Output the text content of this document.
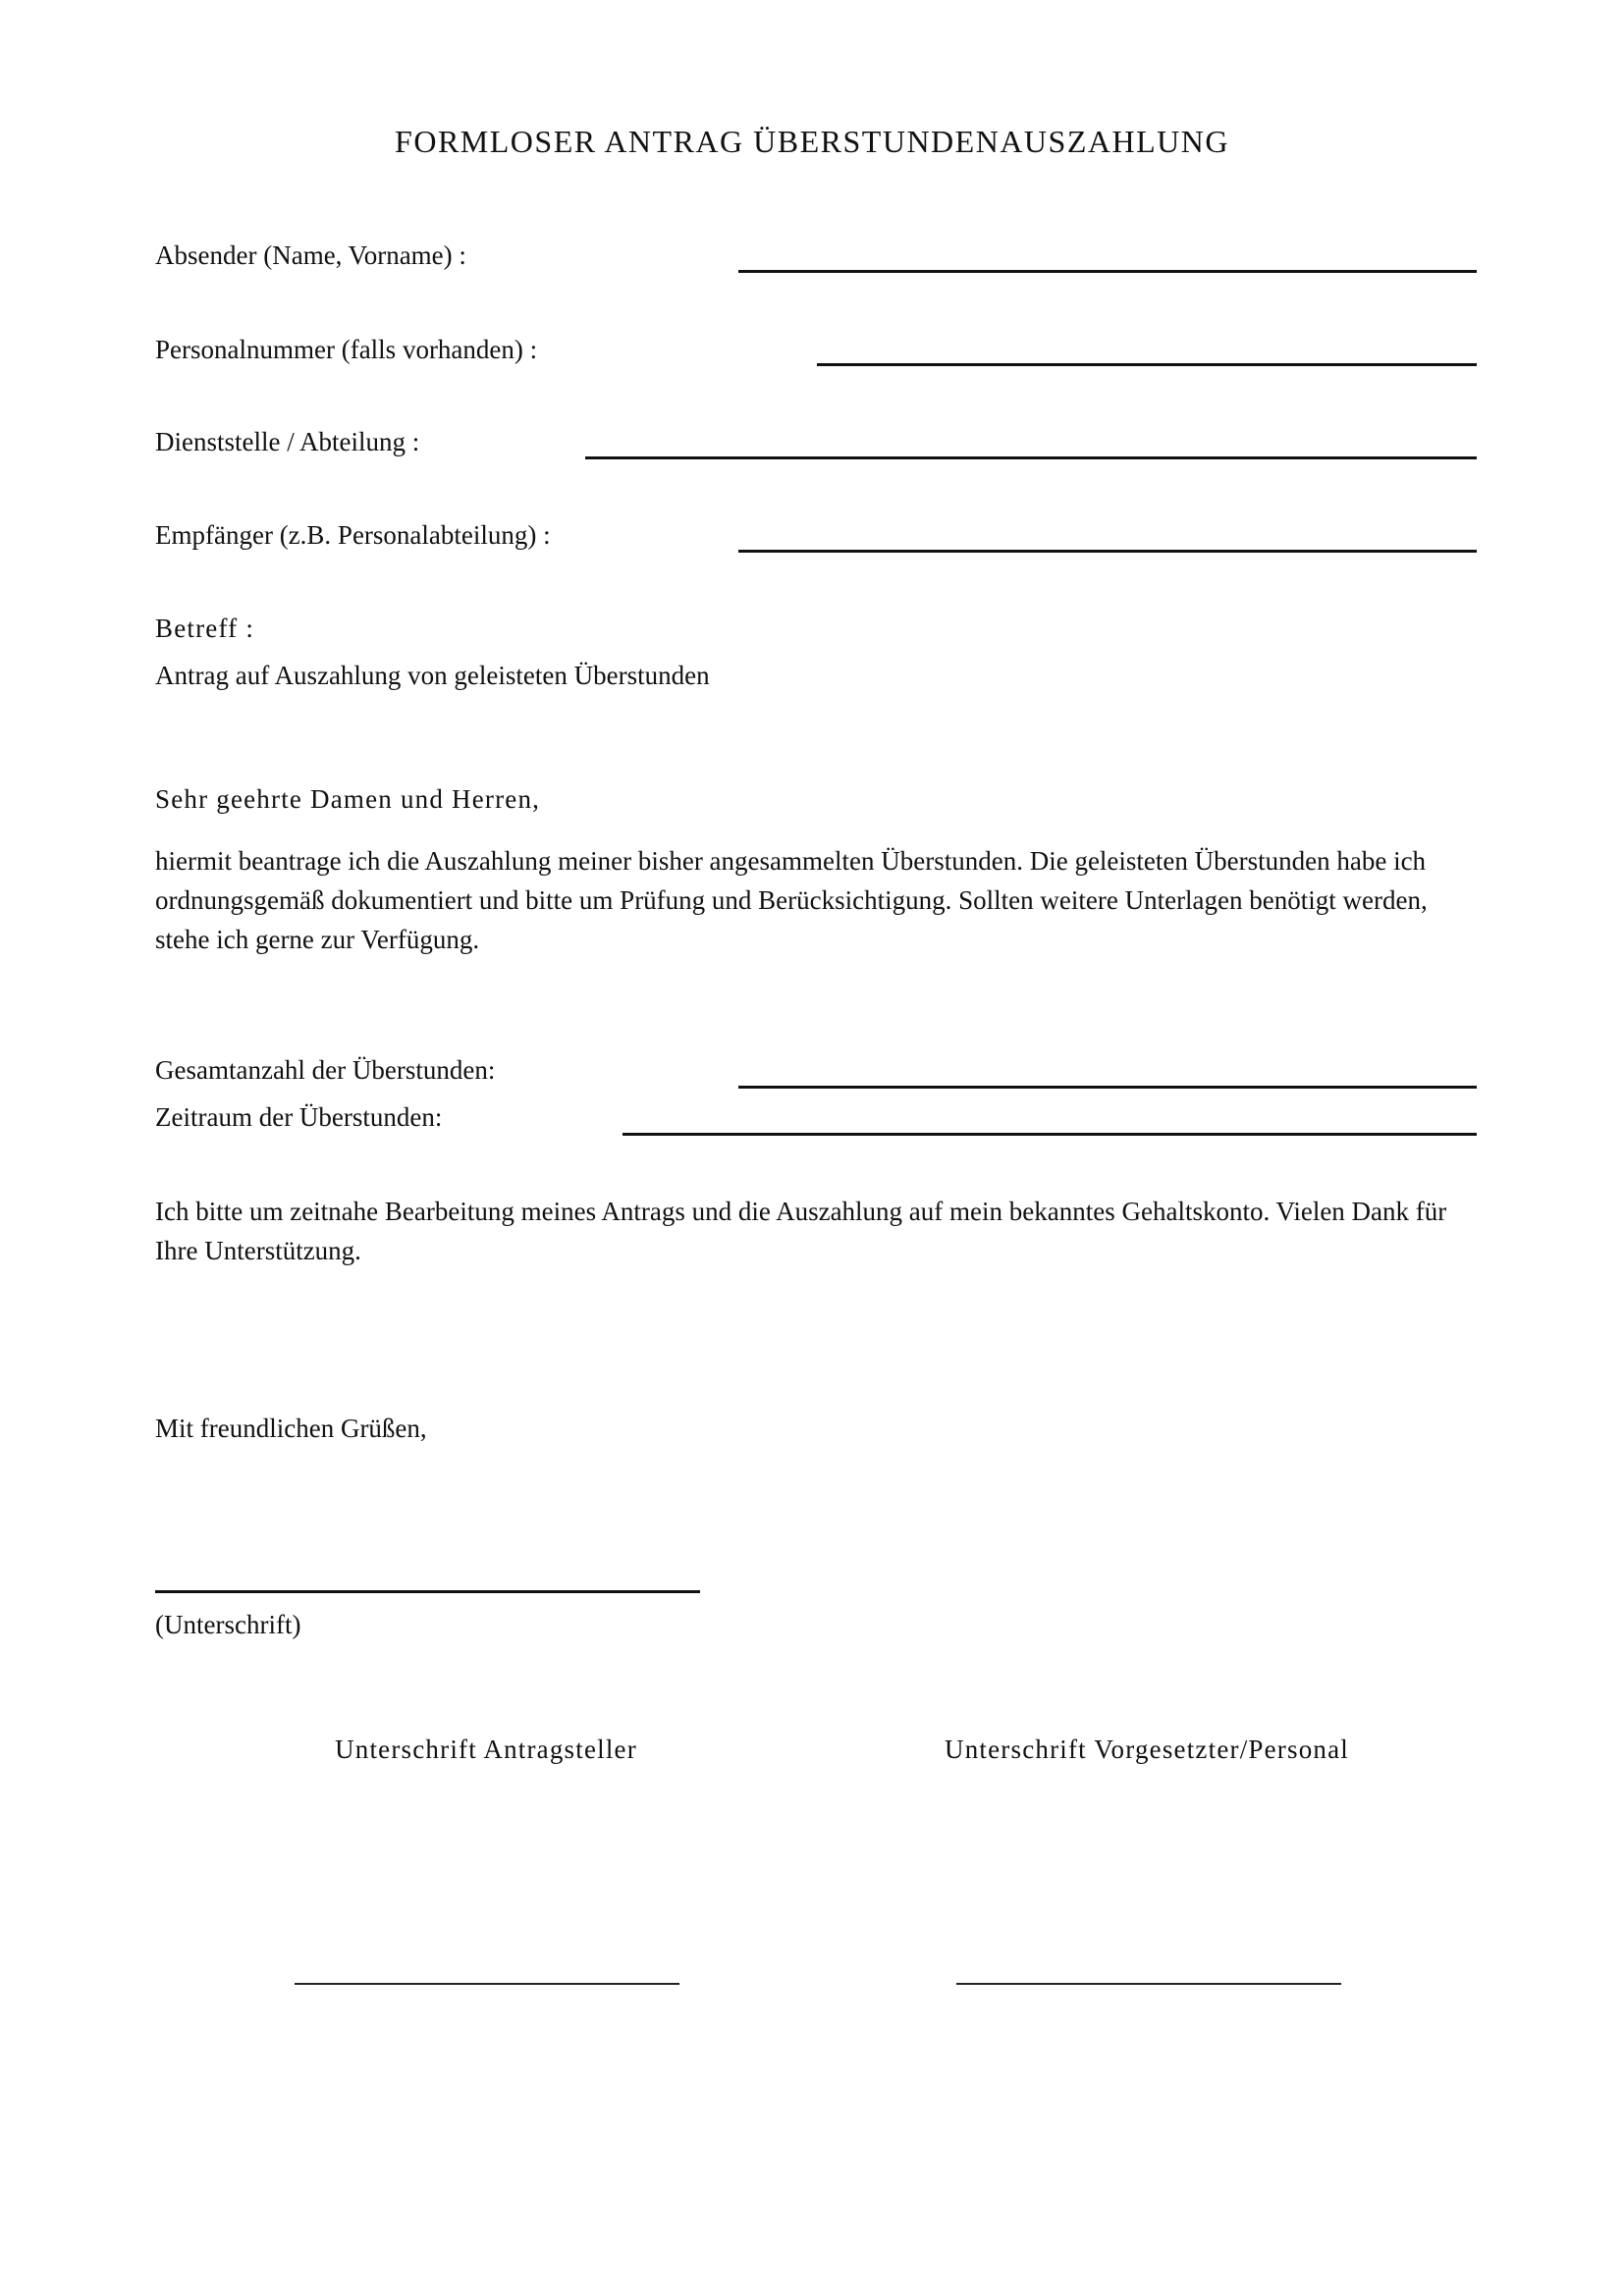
FORMLOSER ANTRAG ÜBERSTUNDENAUSZAHLUNG
Absender (Name, Vorname) :
Personalnummer (falls vorhanden) :
Dienststelle / Abteilung :
Empfänger (z.B. Personalabteilung) :
Betreff :
Antrag auf Auszahlung von geleisteten Überstunden
Sehr geehrte Damen und Herren,
hiermit beantrage ich die Auszahlung meiner bisher angesammelten Überstunden. Die geleisteten Überstunden habe ich ordnungsgemäß dokumentiert und bitte um Prüfung und Berücksichtigung. Sollten weitere Unterlagen benötigt werden, stehe ich gerne zur Verfügung.
Gesamtanzahl der Überstunden:
Zeitraum der Überstunden:
Ich bitte um zeitnahe Bearbeitung meines Antrags und die Auszahlung auf mein bekanntes Gehaltskonto. Vielen Dank für Ihre Unterstützung.
Mit freundlichen Grüßen,
(Unterschrift)
Unterschrift Antragsteller	Unterschrift Vorgesetzter/Personal
